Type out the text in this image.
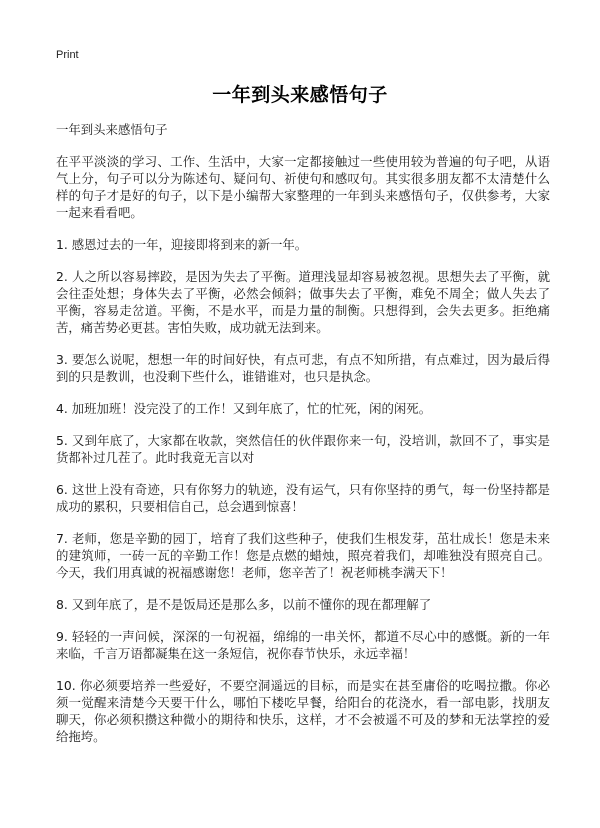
Print
一年到头来感悟句子

一年到头来感悟句子

在平平淡淡的学习、工作、生活中，大家一定都接触过一些使用较为普遍的句子吧，从语气上分，句子可以分为陈述句、疑问句、祈使句和感叹句。其实很多朋友都不太清楚什么样的句子才是好的句子，以下是小编帮大家整理的一年到头来感悟句子，仅供参考，大家一起来看看吧。

1. 感恩过去的一年，迎接即将到来的新一年。

2. 人之所以容易摔跤，是因为失去了平衡。道理浅显却容易被忽视。思想失去了平衡，就会往歪处想；身体失去了平衡，必然会倾斜；做事失去了平衡，难免不周全；做人失去了平衡，容易走岔道。平衡，不是水平，而是力量的制衡。只想得到，会失去更多。拒绝痛苦，痛苦势必更甚。害怕失败，成功就无法到来。

3. 要怎么说呢，想想一年的时间好快，有点可悲，有点不知所措，有点难过，因为最后得到的只是教训，也没剩下些什么，谁错谁对，也只是执念。

4. 加班加班！没完没了的工作！又到年底了，忙的忙死，闲的闲死。

5. 又到年底了，大家都在收款，突然信任的伙伴跟你来一句，没培训，款回不了，事实是货都补过几茬了。此时我竟无言以对

6. 这世上没有奇迹，只有你努力的轨迹，没有运气，只有你坚持的勇气，每一份坚持都是成功的累积，只要相信自己，总会遇到惊喜！

7. 老师，您是辛勤的园丁，培育了我们这些种子，使我们生根发芽，茁壮成长！您是未来的建筑师，一砖一瓦的辛勤工作！您是点燃的蜡烛，照亮着我们，却唯独没有照亮自己。今天，我们用真诚的祝福感谢您！老师，您辛苦了！祝老师桃李满天下！

8. 又到年底了，是不是饭局还是那么多，以前不懂你的现在都理解了

9. 轻轻的一声问候，深深的一句祝福，绵绵的一串关怀，都道不尽心中的感慨。新的一年来临，千言万语都凝集在这一条短信，祝你春节快乐，永远幸福！

10. 你必须要培养一些爱好，不要空洞遥远的目标，而是实在甚至庸俗的吃喝拉撒。你必须一觉醒来清楚今天要干什么，哪怕下楼吃早餐，给阳台的花浇水，看一部电影，找朋友聊天，你必须积攒这种微小的期待和快乐，这样，才不会被遥不可及的梦和无法掌控的爱给拖垮。
